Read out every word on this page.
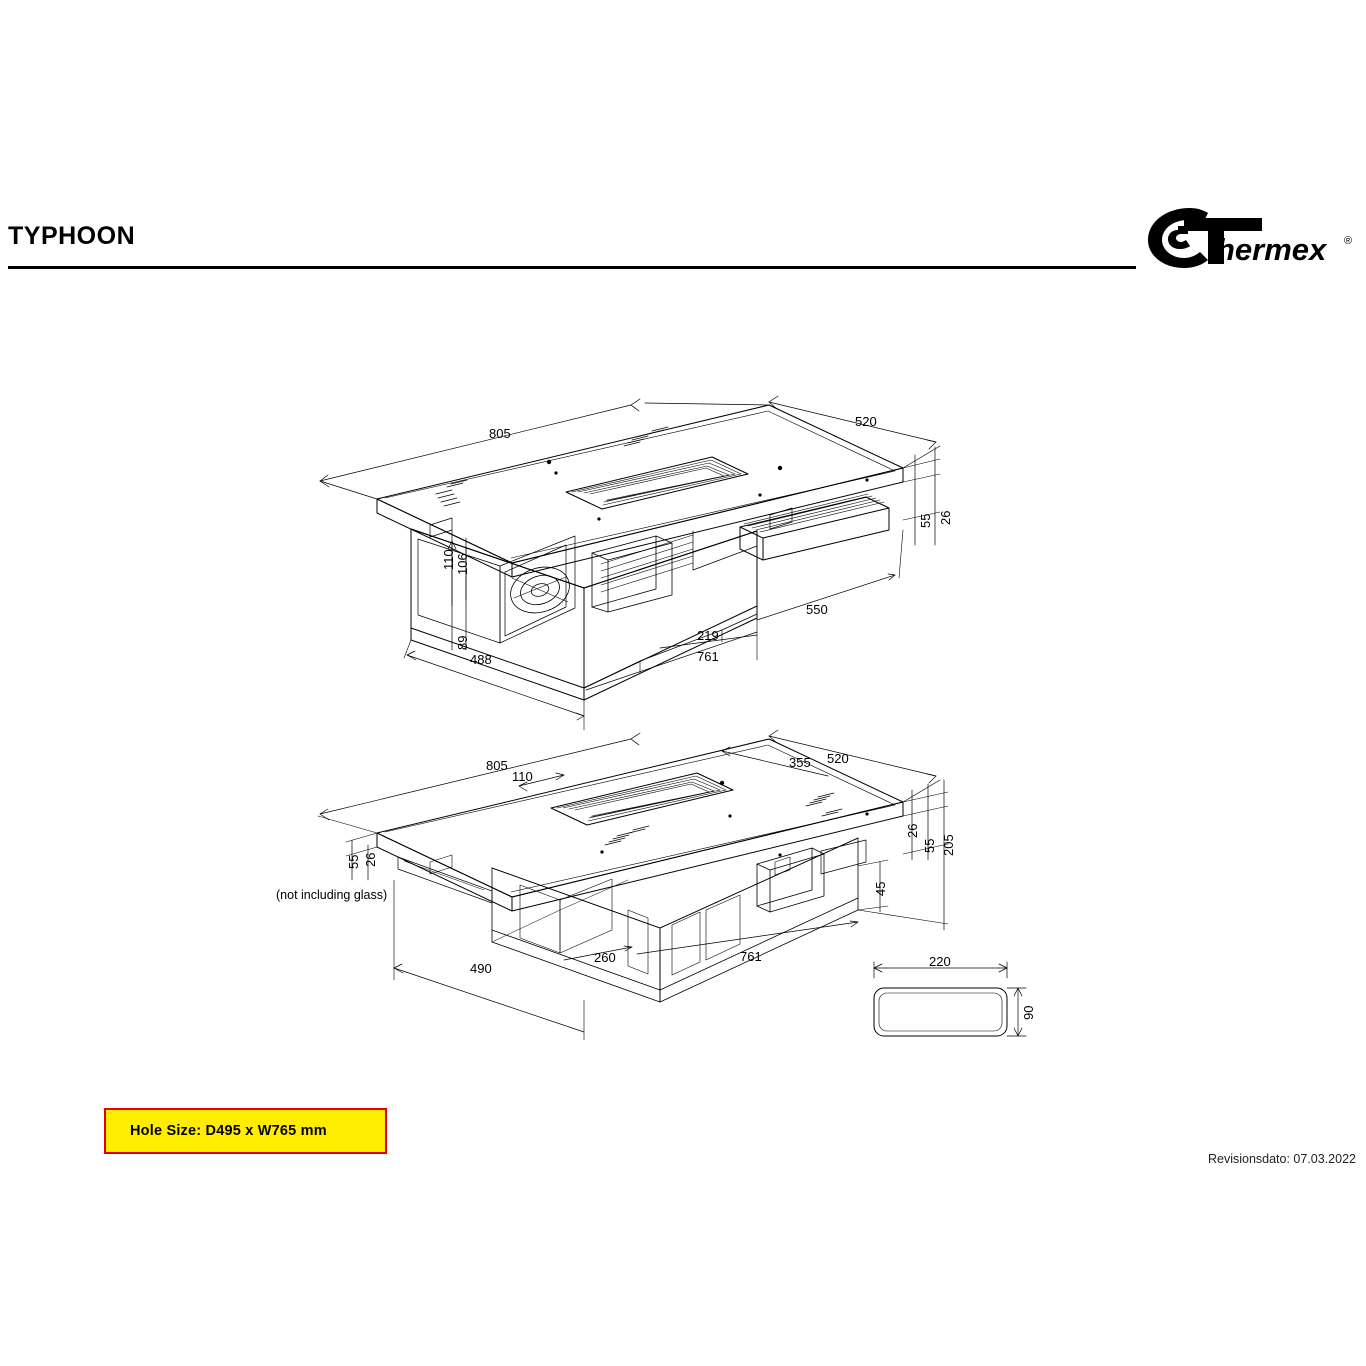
TYPHOON	hermex ®
805
520
55 26
110 106
89
488
219
761
550
805
110
355 520
26
55 205
45
55 26
490
260	761
(not including glass)
220
90
Hole Size: D495 x W765 mm
Revisionsdato: 07.03.2022
